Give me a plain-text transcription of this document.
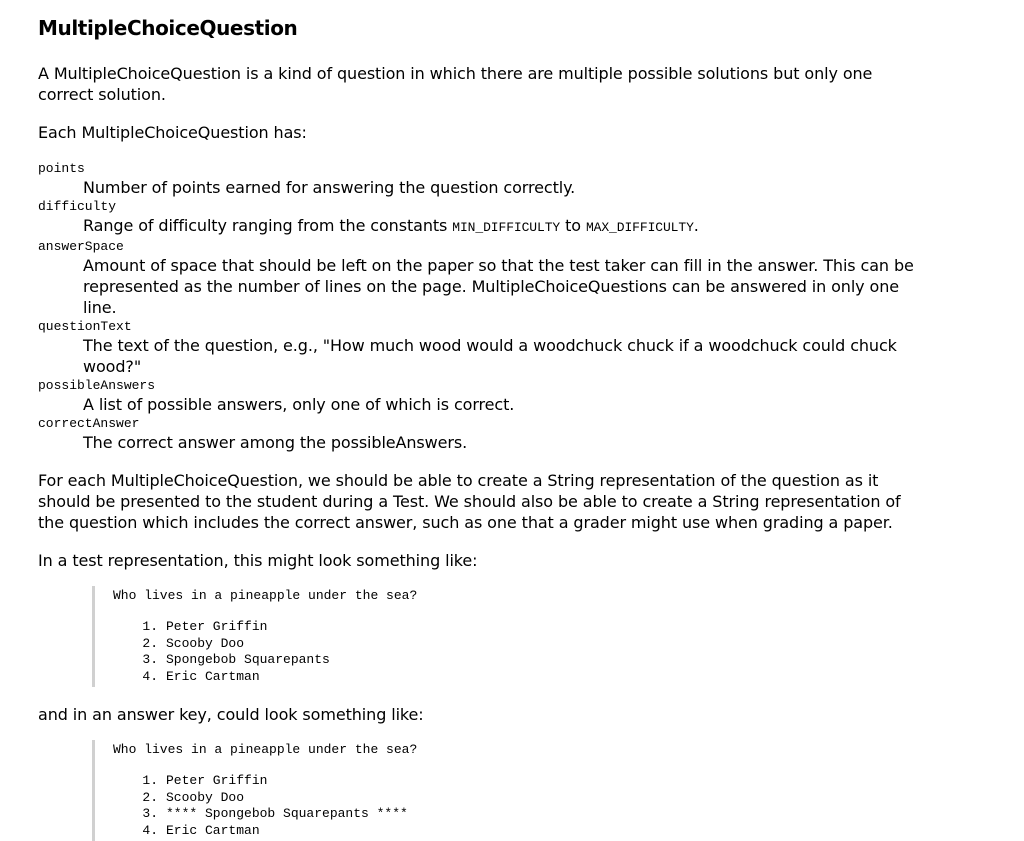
MultipleChoiceQuestion

A MultipleChoiceQuestion is a kind of question in which there are multiple possible solutions but only one correct solution.

Each MultipleChoiceQuestion has:

points
Number of points earned for answering the question correctly.
difficulty
Range of difficulty ranging from the constants MIN_DIFFICULTY to MAX_DIFFICULTY.
answerSpace
Amount of space that should be left on the paper so that the test taker can fill in the answer. This can be represented as the number of lines on the page. MultipleChoiceQuestions can be answered in only one line.
questionText
The text of the question, e.g., "How much wood would a woodchuck chuck if a woodchuck could chuck wood?"
possibleAnswers
A list of possible answers, only one of which is correct.
correctAnswer
The correct answer among the possibleAnswers.

For each MultipleChoiceQuestion, we should be able to create a String representation of the question as it should be presented to the student during a Test. We should also be able to create a String representation of the question which includes the correct answer, such as one that a grader might use when grading a paper.

In a test representation, this might look something like:

Who lives in a pineapple under the sea?
1. Peter Griffin
2. Scooby Doo
3. Spongebob Squarepants
4. Eric Cartman

and in an answer key, could look something like:

Who lives in a pineapple under the sea?
1. Peter Griffin
2. Scooby Doo
3. **** Spongebob Squarepants ****
4. Eric Cartman
